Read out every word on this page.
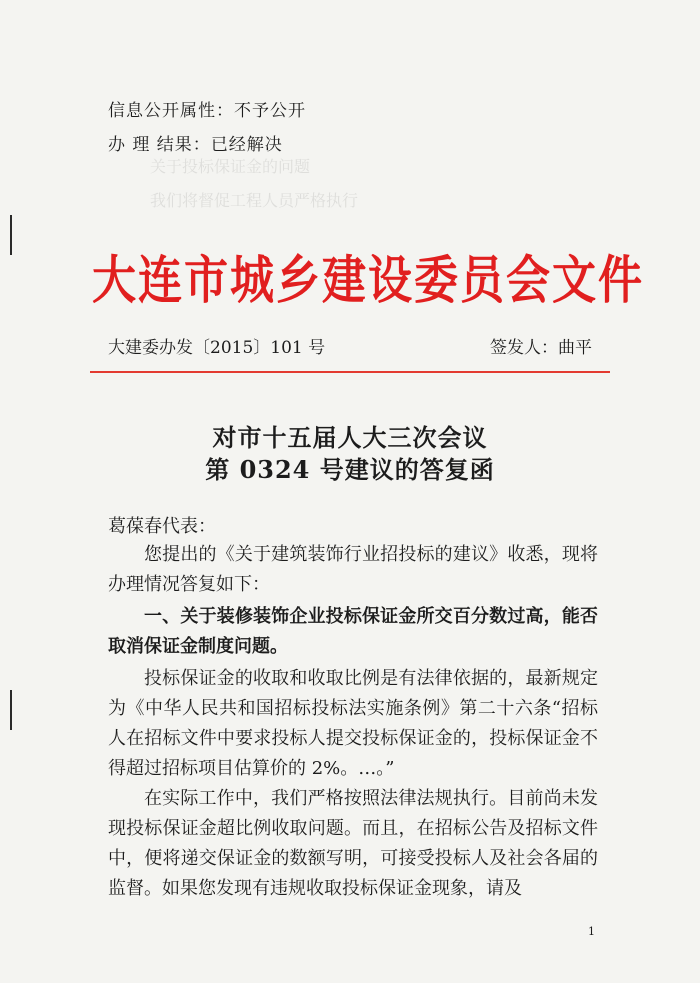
信息公开属性：不予公开
办 理 结果：已经解决
关于投标保证金的问题
我们将督促工程人员严格执行
大连市城乡建设委员会文件
大建委办发〔2015〕101 号	签发人：曲平
对市十五届人大三次会议
第 0324 号建议的答复函
葛葆春代表：
您提出的《关于建筑装饰行业招投标的建议》收悉，现将办理情况答复如下：
一、关于装修装饰企业投标保证金所交百分数过高，能否取消保证金制度问题。
投标保证金的收取和收取比例是有法律依据的，最新规定为《中华人民共和国招标投标法实施条例》第二十六条“招标人在招标文件中要求投标人提交投标保证金的，投标保证金不得超过招标项目估算价的 2%。…。”
在实际工作中，我们严格按照法律法规执行。目前尚未发现投标保证金超比例收取问题。而且，在招标公告及招标文件中，便将递交保证金的数额写明，可接受投标人及社会各届的监督。如果您发现有违规收取投标保证金现象，请及
1
